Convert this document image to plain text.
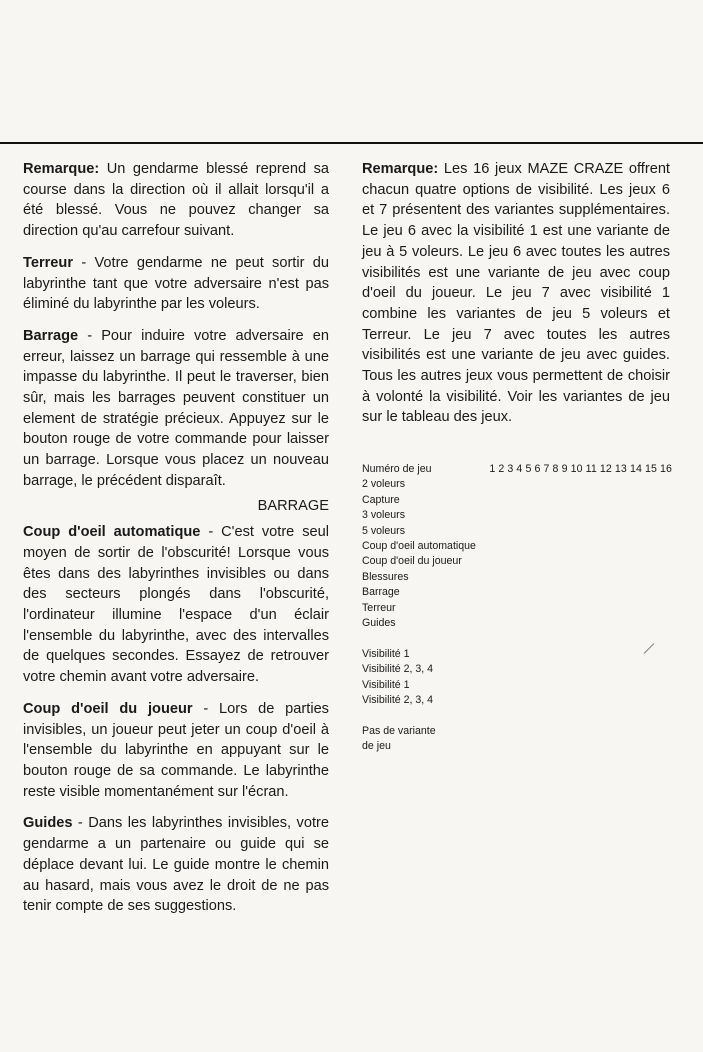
Remarque: Un gendarme blessé reprend sa course dans la direction où il allait lorsqu'il a été blessé. Vous ne pouvez changer sa direction qu'au carrefour suivant.

Terreur - Votre gendarme ne peut sortir du labyrinthe tant que votre adversaire n'est pas éliminé du labyrinthe par les voleurs.

Barrage - Pour induire votre adversaire en erreur, laissez un barrage qui ressemble à une impasse du labyrinthe. Il peut le traverser, bien sûr, mais les barrages peuvent constituer un element de stratégie précieux. Appuyez sur le bouton rouge de votre commande pour laisser un barrage. Lorsque vous placez un nouveau barrage, le précédent disparaît.

BARRAGE

Coup d'oeil automatique - C'est votre seul moyen de sortir de l'obscurité! Lorsque vous êtes dans des labyrinthes invisibles ou dans des secteurs plongés dans l'obscurité, l'ordinateur illumine l'espace d'un éclair l'ensemble du labyrinthe, avec des intervalles de quelques secondes. Essayez de retrouver votre chemin avant votre adversaire.

Coup d'oeil du joueur - Lors de parties invisibles, un joueur peut jeter un coup d'oeil à l'ensemble du labyrinthe en appuyant sur le bouton rouge de sa commande. Le labyrinthe reste visible momentanément sur l'écran.

Guides - Dans les labyrinthes invisibles, votre gendarme a un partenaire ou guide qui se déplace devant lui. Le guide montre le chemin au hasard, mais vous avez le droit de ne pas tenir compte de ses suggestions.

Remarque: Les 16 jeux MAZE CRAZE offrent chacun quatre options de visibilité. Les jeux 6 et 7 présentent des variantes supplémentaires. Le jeu 6 avec la visibilité 1 est une variante de jeu à 5 voleurs. Le jeu 6 avec toutes les autres visibilités est une variante de jeu avec coup d'oeil du joueur. Le jeu 7 avec visibilité 1 combine les variantes de jeu 5 voleurs et Terreur. Le jeu 7 avec toutes les autres visibilités est une variante de jeu avec guides. Tous les autres jeux vous permettent de choisir à volonté la visibilité. Voir les variantes de jeu sur le tableau des jeux.

Numéro de jeu	1 2 3 4 5 6 7 8 9 10 11 12 13 14 15 16
2 voleurs
Capture
3 voleurs
5 voleurs
Coup d'oeil automatique
Coup d'oeil du joueur
Blessures
Barrage
Terreur
Guides
Visibilité 1
Visibilité 2, 3, 4
Visibilité 1
Visibilité 2, 3, 4
Pas de variante
de jeu
